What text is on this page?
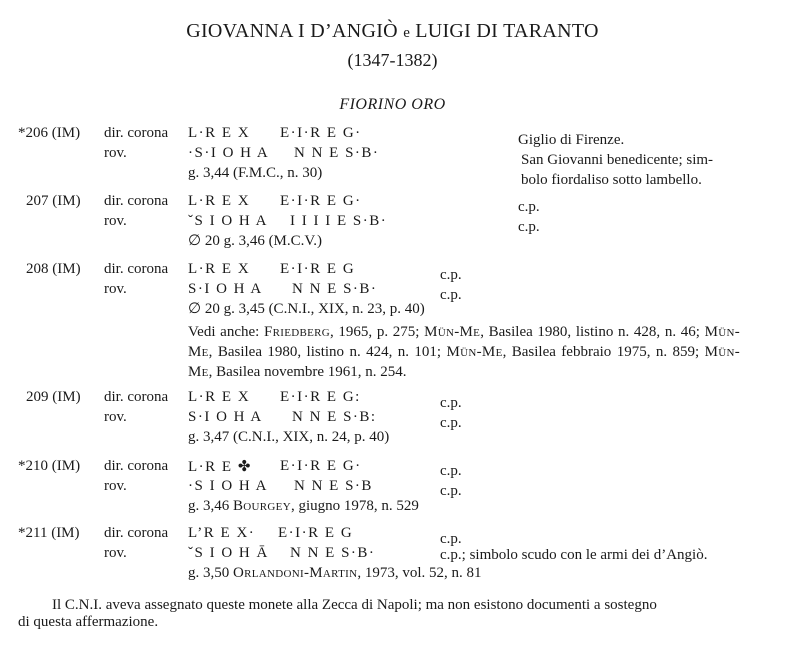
GIOVANNA I D’ANGIÒ e LUIGI DI TARANTO
(1347-1382)
FIORINO ORO
*206 (IM) dir. corona
rov.
L·R E X E·I·R E G·
·S·I O H A N N E S·B·
g. 3,44 (F.M.C., n. 30)
Giglio di Firenze.
San Giovanni benedicente; sim-
bolo fiordaliso sotto lambello.
207 (IM) dir. corona
rov.
L·R E X E·I·R E G·
ˇS I O H A I I I I E S·B·
∅ 20 g. 3,46 (M.C.V.)
c.p.
c.p.
208 (IM) dir. corona
rov.
L·R E X E·I·R E G
S·I O H A N N E S·B·
∅ 20 g. 3,45 (C.N.I., XIX, n. 23, p. 40)
c.p.
c.p.
Vedi anche: Friedberg, 1965, p. 275; Mün-Me, Basilea 1980, listino n. 428, n. 46; Mün-Me, Basilea 1980, listino n. 424, n. 101; Mün-Me, Basilea febbraio 1975, n. 859; Mün-Me, Basilea novembre 1961, n. 254.
209 (IM) dir. corona
rov.
L·R E X E·I·R E G:
S·I O H A N N E S·B:
g. 3,47 (C.N.I., XIX, n. 24, p. 40)
c.p.
c.p.
*210 (IM) dir. corona
rov.
L·R E ✤ E·I·R E G·
·S I O H A N N E S·B
g. 3,46 Bourgey, giugno 1978, n. 529
c.p.
c.p.
*211 (IM) dir. corona
rov.
L’R E X· E·I·R E G
ˇS I O H Ā N N E S·B·
g. 3,50 Orlandoni-Martin, 1973, vol. 52, n. 81
c.p.
c.p.; simbolo scudo con le armi dei d’Angiò.
Il C.N.I. aveva assegnato queste monete alla Zecca di Napoli; ma non esistono documenti a sostegno
di questa affermazione.
